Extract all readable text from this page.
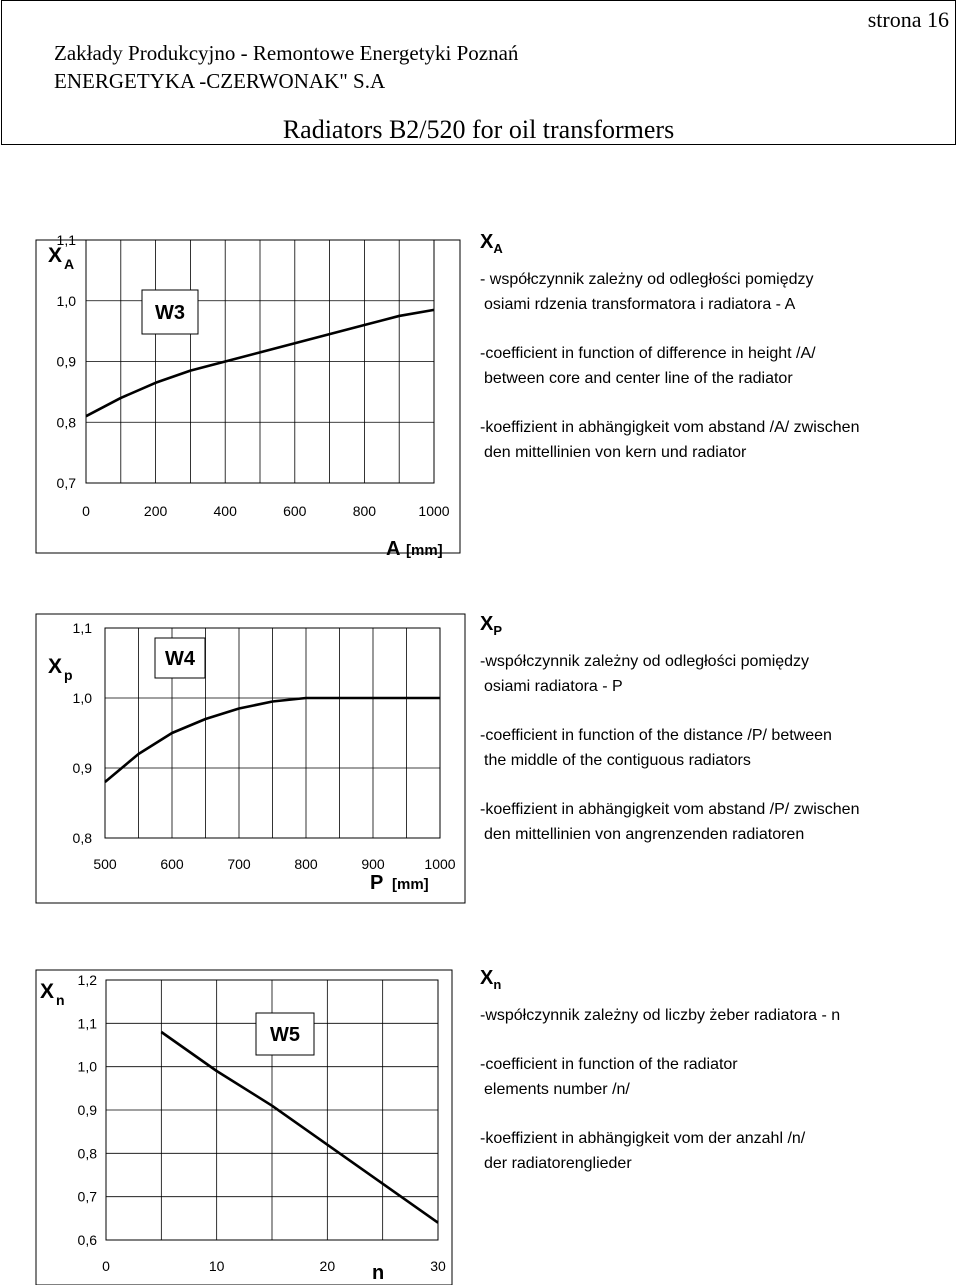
strona 16
Zakłady Produkcyjno - Remontowe Energetyki Poznań
ENERGETYKA -CZERWONAK" S.A
Radiators B2/520 for oil transformers
1,1
1,0
0,9
0,8
0,7
0	200	400	600	800	1000
W3
X A
A [mm]
1,1
1,0
0,9
0,8
500	600	700	800	900	1000
W4
X p
P [mm]
1,2
1,1
1,0
0,9
0,8
0,7
0,6
0	10	20	30
W5
X n
n
$X_A$

- współczynnik zależny od odległości pomiędzy
osiami rdzenia transformatora i radiatora - A

-coefficient in function of difference in height /A/
between core and center line of the radiator

-koeffizient in abhängigkeit vom abstand /A/ zwischen
den mittellinien von kern und radiator

$X_P$

-współczynnik zależny od odległości pomiędzy
osiami radiatora - P

-coefficient in function of the distance /P/ between
the middle of the contiguous radiators

-koeffizient in abhängigkeit vom abstand /P/ zwischen
den mittellinien von angrenzenden radiatoren

$X_n$

-współczynnik zależny od liczby żeber radiatora - n

-coefficient in function of the radiator
elements number /n/

-koeffizient in abhängigkeit vom der anzahl /n/
der radiatorenglieder
